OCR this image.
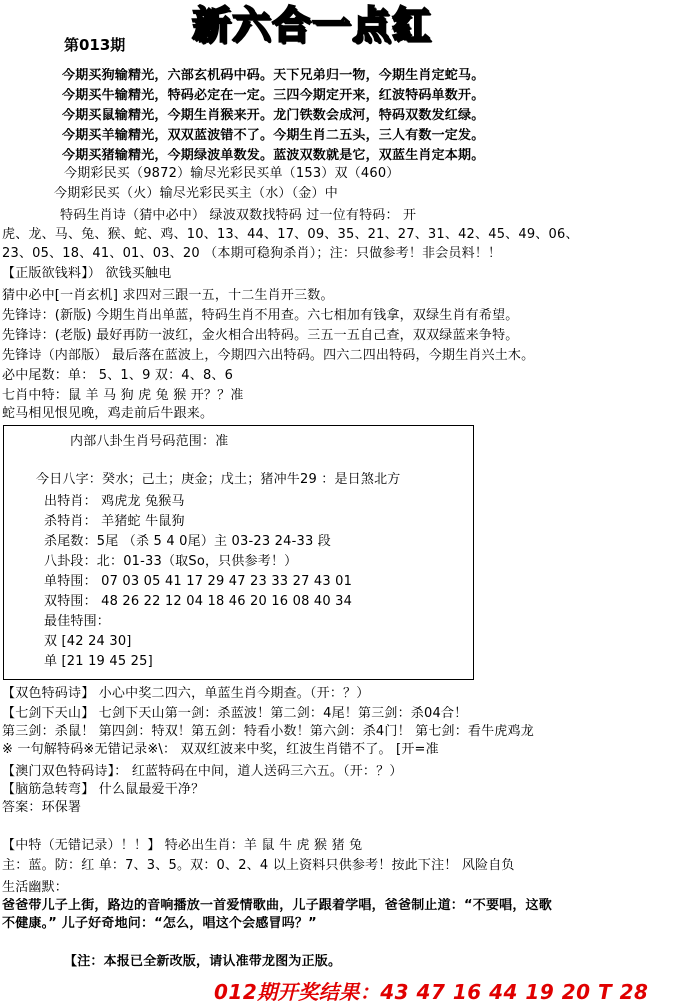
新六合一点红
第013期
今期买狗输精光，六部玄机码中码。天下兄弟归一物，今期生肖定蛇马。
今期买牛输精光，特码必定在一定。三四今期定开来，红波特码单数开。
今期买鼠输精光，今期生肖猴来开。龙门铁数会成河，特码双数发红绿。
今期买羊输精光，双双蓝波错不了。今期生肖二五头，三人有数一定发。
今期买猪输精光，今期绿波单数发。蓝波双数就是它，双蓝生肖定本期。
今期彩民买（9872）输尽光彩民买单（153）双（460）
今期彩民买（火）输尽光彩民买主（水）（金）中
特码生肖诗（猜中必中） 绿波双数找特码 过一位有特码： 开
虎、龙、马、兔、猴、蛇、鸡、10、13、44、17、09、35、21、27、31、42、45、49、06、
23、05、18、41、01、03、20 （本期可稳狗杀肖）；注：只做参考！非会员料！！
【正版欲钱料】） 欲钱买触电
猜中必中[一肖玄机] 求四对三跟一五，十二生肖开三数。
先锋诗：(新版) 今期生肖出单蓝，特码生肖不用查。六七相加有钱拿，双绿生肖有希望。
先锋诗：(老版) 最好再防一波红，金火相合出特码。三五一五自己查，双双绿蓝来争特。
先锋诗（内部版） 最后落在蓝波上，今期四六出特码。四六二四出特码，今期生肖兴土木。
必中尾数：单： 5、1、9 双：4、8、6
七肖中特：鼠 羊 马 狗 虎 兔 猴 开？？准
蛇马相见恨见晚，鸡走前后牛跟来。
内部八卦生肖号码范围：准
今日八字：癸水；己土；庚金；戊土；猪冲牛29 ：是日煞北方
出特肖： 鸡虎龙 兔猴马
杀特肖： 羊猪蛇 牛鼠狗
杀尾数：5尾 （杀 5 4 0尾）主 03-23 24-33 段
八卦段：北：01-33（取So，只供参考！）
单特围： 07 03 05 41 17 29 47 23 33 27 43 01
双特围： 48 26 22 12 04 18 46 20 16 08 40 34
最佳特围：
双 [42 24 30]
单 [21 19 45 25]
【双色特码诗】 小心中奖二四六，单蓝生肖今期查。（开：？）
【七剑下天山】 七剑下天山第一剑：杀蓝波！第二剑：4尾！第三剑：杀04合！
第三剑：杀鼠！ 第四剑：特双！第五剑：特看小数！第六剑：杀4门！ 第七剑：看牛虎鸡龙
※ 一句解特码※无错记录※\： 双双红波来中奖，红波生肖错不了。 [开=准
【澳门双色特码诗】： 红蓝特码在中间，道人送码三六五。（开：？）
【脑筋急转弯】 什么鼠最爱干净？
答案：环保署
【中特（无错记录）！！】 特必出生肖：羊 鼠 牛 虎 猴 猪 兔
主：蓝。防：红 单：7、3、5。双：0、2、4 以上资料只供参考！按此下注！ 风险自负
生活幽默：
爸爸带儿子上街，路边的音响播放一首爱情歌曲，儿子跟着学唱，爸爸制止道：“不要唱，这歌
不健康。” 儿子好奇地问：“怎么，唱这个会感冒吗？”
【注：本报已全新改版，请认准带龙图为正版。
012期开奖结果：43 47 16 44 19 20 T 28
